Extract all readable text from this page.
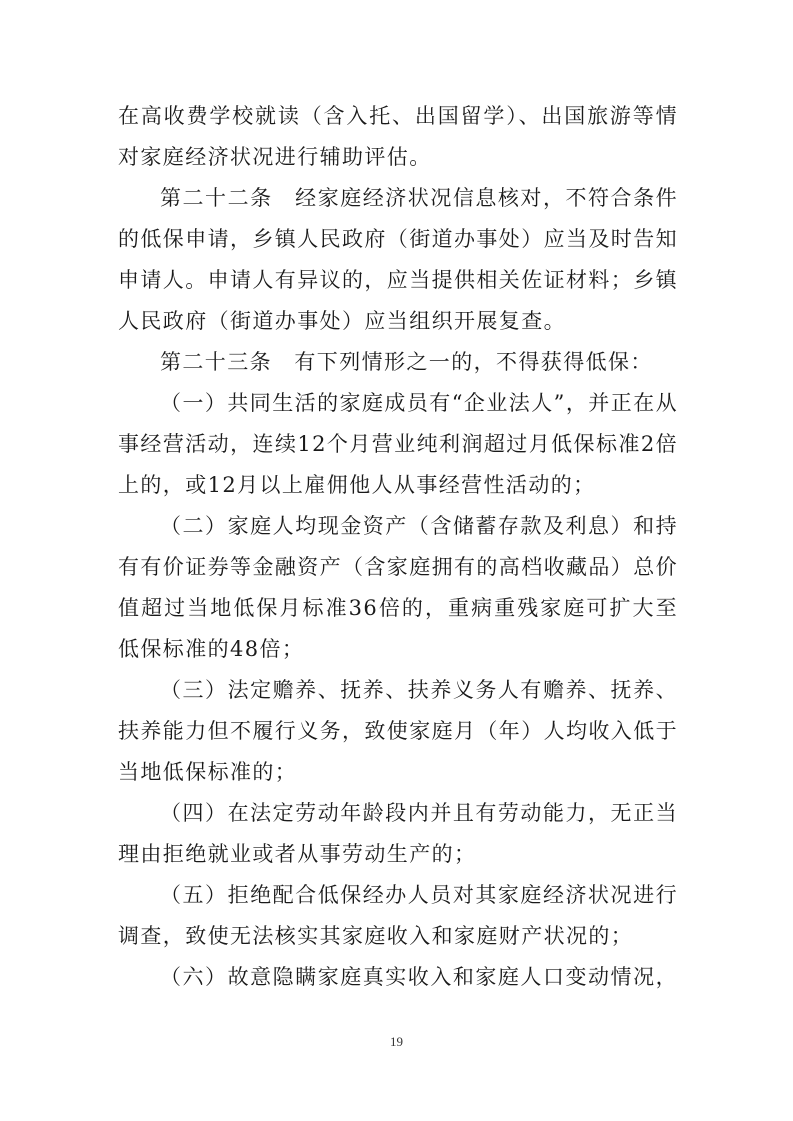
在高收费学校就读（含入托、出国留学）、出国旅游等情
对家庭经济状况进行辅助评估。
第二十二条　经家庭经济状况信息核对，不符合条件
的低保申请，乡镇人民政府（街道办事处）应当及时告知
申请人。申请人有异议的，应当提供相关佐证材料；乡镇
人民政府（街道办事处）应当组织开展复查。
第二十三条　有下列情形之一的，不得获得低保：
（一）共同生活的家庭成员有“企业法人”，并正在从
事经营活动，连续12个月营业纯利润超过月低保标准2倍
上的，或12月以上雇佣他人从事经营性活动的；
（二）家庭人均现金资产（含储蓄存款及利息）和持
有有价证券等金融资产（含家庭拥有的高档收藏品）总价
值超过当地低保月标准36倍的，重病重残家庭可扩大至
低保标准的48倍；
（三）法定赡养、抚养、扶养义务人有赡养、抚养、
扶养能力但不履行义务，致使家庭月（年）人均收入低于
当地低保标准的；
（四）在法定劳动年龄段内并且有劳动能力，无正当
理由拒绝就业或者从事劳动生产的；
（五）拒绝配合低保经办人员对其家庭经济状况进行
调查，致使无法核实其家庭收入和家庭财产状况的；
（六）故意隐瞒家庭真实收入和家庭人口变动情况，
19
